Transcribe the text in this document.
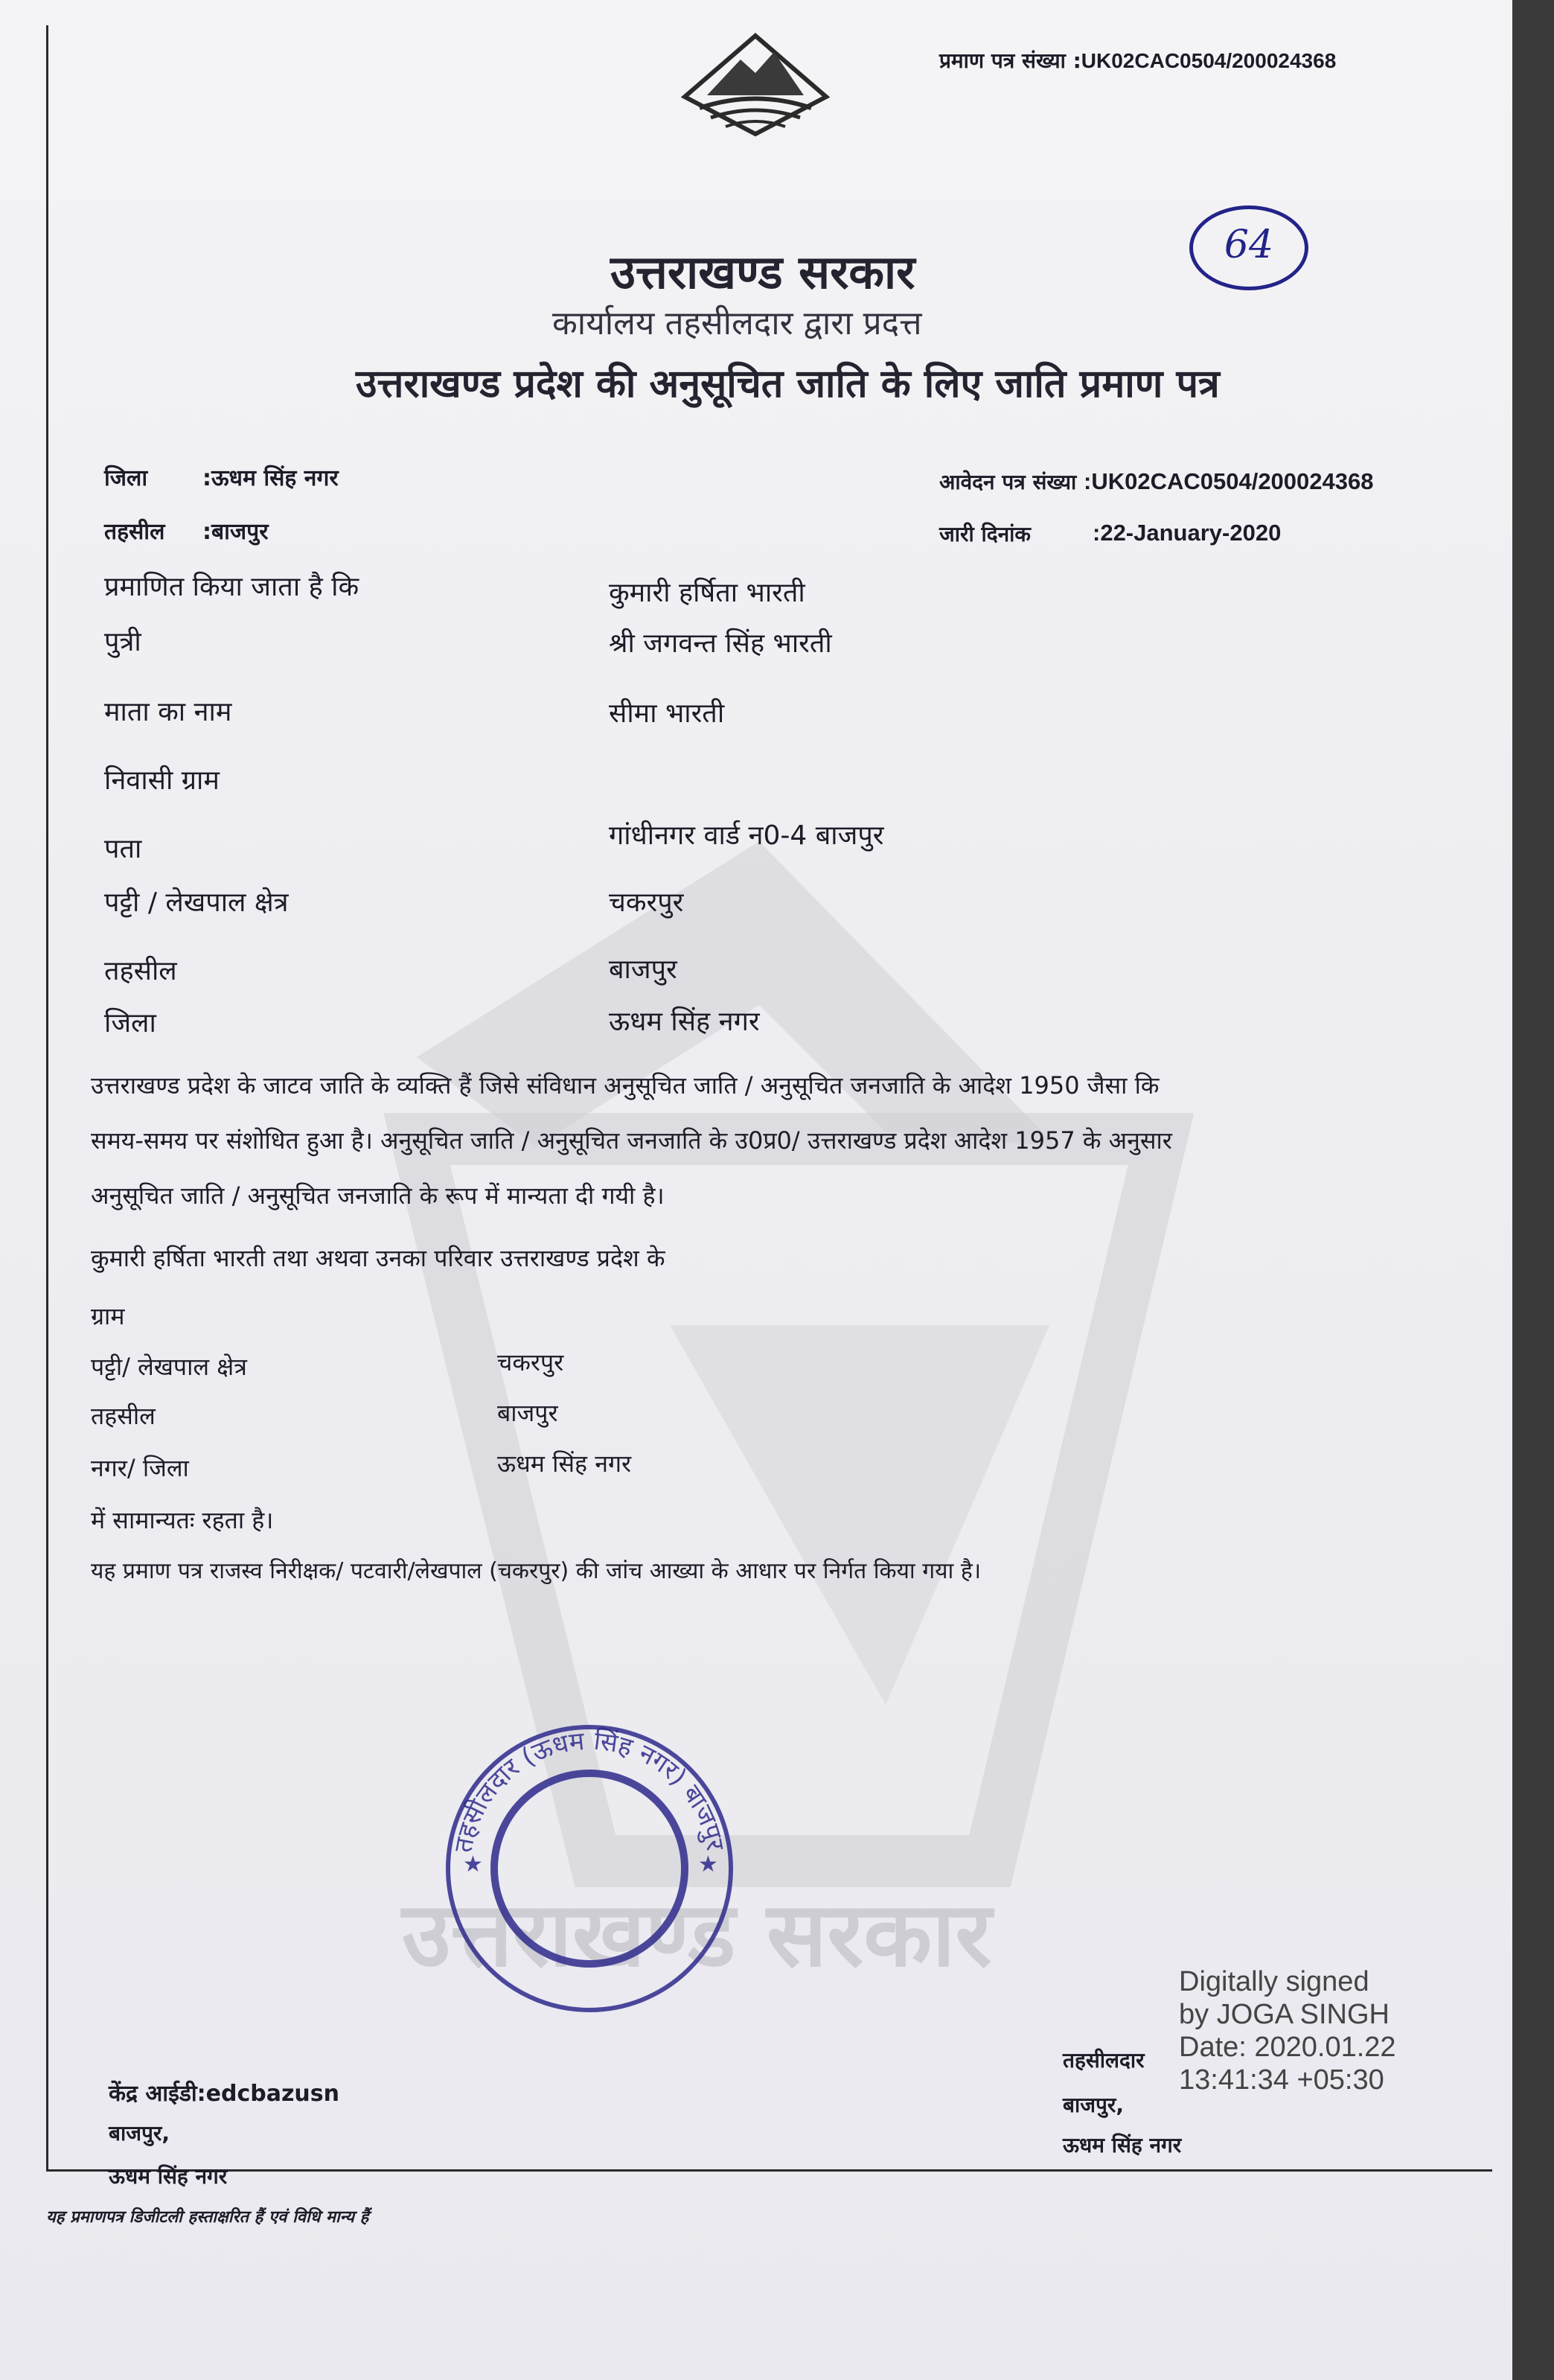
उत्तराखण्ड सरकार
प्रमाण पत्र संख्या :UK02CAC0504/200024368
64
उत्तराखण्ड सरकार
कार्यालय तहसीलदार द्वारा प्रदत्त
उत्तराखण्ड प्रदेश की अनुसूचित जाति के लिए जाति प्रमाण पत्र
जिला :ऊधम सिंह नगर
तहसील :बाजपुर
आवेदन पत्र संख्या :UK02CAC0504/200024368
जारी दिनांक	:22-January-2020
प्रमाणित किया जाता है कि	कुमारी हर्षिता भारती
पुत्री	श्री जगवन्त सिंह भारती
माता का नाम	सीमा भारती
निवासी ग्राम
पता	गांधीनगर वार्ड न0-4 बाजपुर
पट्टी / लेखपाल क्षेत्र	चकरपुर
तहसील	बाजपुर
जिला	ऊधम सिंह नगर
उत्तराखण्ड प्रदेश के जाटव जाति के व्यक्ति हैं जिसे संविधान अनुसूचित जाति / अनुसूचित जनजाति के आदेश 1950 जैसा कि
समय-समय पर संशोधित हुआ है। अनुसूचित जाति / अनुसूचित जनजाति के उ0प्र0/ उत्तराखण्ड प्रदेश आदेश 1957 के अनुसार
अनुसूचित जाति / अनुसूचित जनजाति के रूप में मान्यता दी गयी है।
कुमारी हर्षिता भारती तथा अथवा उनका परिवार उत्तराखण्ड प्रदेश के
ग्राम
पट्टी/ लेखपाल क्षेत्र	चकरपुर
तहसील	बाजपुर
नगर/ जिला	ऊधम सिंह नगर
में सामान्यतः रहता है।
यह प्रमाण पत्र राजस्व निरीक्षक/ पटवारी/लेखपाल (चकरपुर) की जांच आख्या के आधार पर निर्गत किया गया है।
तहसीलदार (ऊधम सिंह नगर) बाजपुर
★	★
केंद्र आईडी:edcbazusn
बाजपुर,
ऊधम सिंह नगर
तहसीलदार
बाजपुर,
ऊधम सिंह नगर
Digitally signed
by JOGA SINGH
Date: 2020.01.22
13:41:34 +05:30
यह प्रमाणपत्र डिजीटली हस्ताक्षरित हैं एवं विधि मान्य हैं
